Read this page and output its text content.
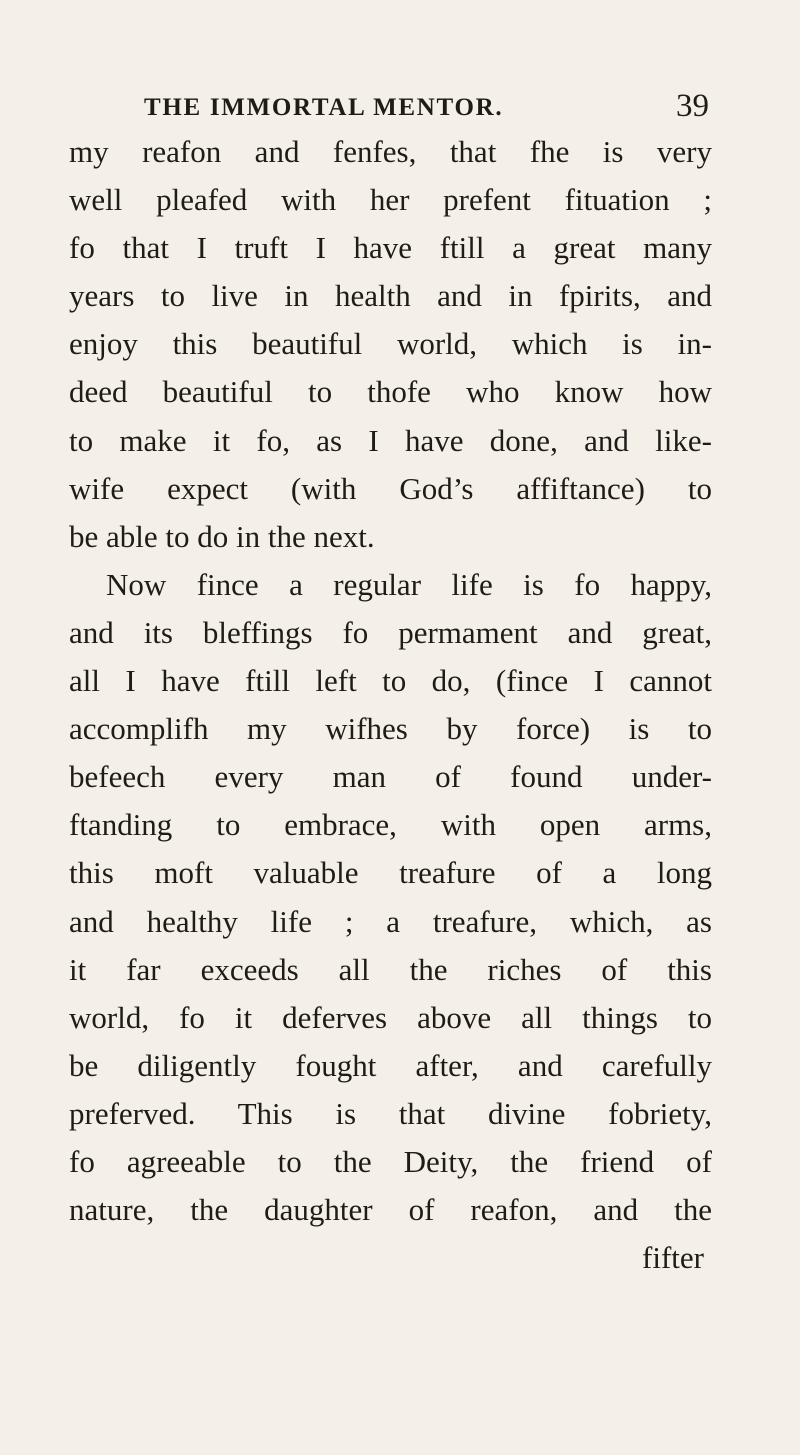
THE IMMORTAL MENTOR.	39
my reafon and fenfes, that fhe is very
well pleafed with her prefent fituation ;
fo that I truft I have ftill a great many
years to live in health and in fpirits, and
enjoy this beautiful world, which is in-
deed beautiful to thofe who know how
to make it fo, as I have done, and like-
wife expect (with God’s affiftance) to
be able to do in the next.
Now fince a regular life is fo happy,
and its bleffings fo permament and great,
all I have ftill left to do, (fince I cannot
accomplifh my wifhes by force) is to
befeech every man of found under-
ftanding to embrace, with open arms,
this moft valuable treafure of a long
and healthy life ; a treafure, which, as
it far exceeds all the riches of this
world, fo it deferves above all things to
be diligently fought after, and carefully
preferved. This is that divine fobriety,
fo agreeable to the Deity, the friend of
nature, the daughter of reafon, and the
fifter
